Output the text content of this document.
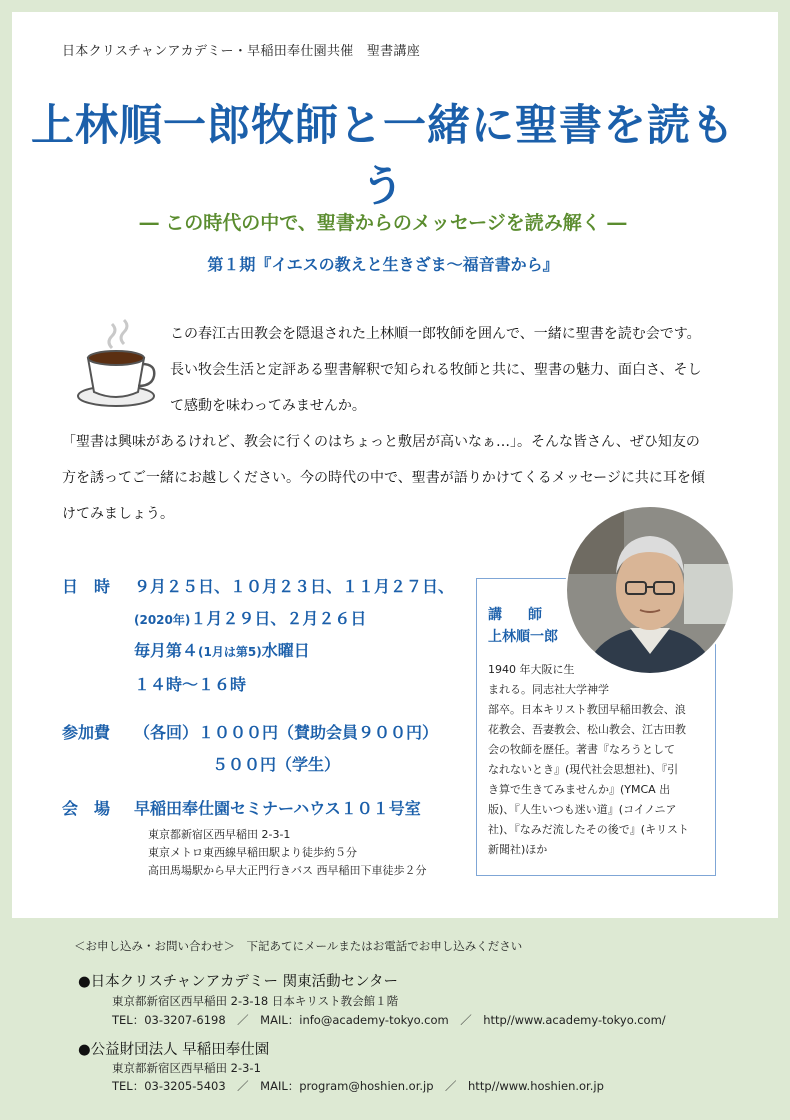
日本クリスチャンアカデミー・早稲田奉仕園共催　聖書講座
上林順一郎牧師と一緒に聖書を読もう
― この時代の中で、聖書からのメッセージを読み解く ―
第１期『イエスの教えと生きざま～福音書から』
この春江古田教会を隠退された上林順一郎牧師を囲んで、一緒に聖書を読む会です。長い牧会生活と定評ある聖書解釈で知られる牧師と共に、聖書の魅力、面白さ、そして感動を味わってみませんか。
「聖書は興味があるけれど、教会に行くのはちょっと敷居が高いなぁ…」。そんな皆さん、ぜひ知友の方を誘ってご一緒にお越しください。今の時代の中で、聖書が語りかけてくるメッセージに共に耳を傾けてみましょう。
日　時 ９月２５日、１０月２３日、１１月２７日、
(2020年)１月２９日、２月２６日
毎月第４(1月は第5)水曜日
１４時～１６時
参加費 （各回）１０００円（賛助会員９００円）
５００円（学生）
会　場 早稲田奉仕園セミナーハウス１０１号室
東京都新宿区西早稲田 2-3-1
東京メトロ東西線早稲田駅より徒歩約５分
高田馬場駅から早大正門行きバス 西早稲田下車徒歩２分
講　師
上林順一郎
1940 年大阪に生
まれる。同志社大学神学
部卒。日本キリスト教団早稲田教会、浪
花教会、吾妻教会、松山教会、江古田教
会の牧師を歴任。著書『なろうとして
なれないとき』(現代社会思想社)、『引
き算で生きてみませんか』(YMCA 出
版)、『人生いつも迷い道』(コイノニア
社)、『なみだ流したその後で』(キリスト
新聞社)ほか
＜お申し込み・お問い合わせ＞　下記あてにメールまたはお電話でお申し込みください
●日本クリスチャンアカデミー 関東活動センター
東京都新宿区西早稲田 2-3-18 日本キリスト教会館１階
TEL：03-3207-6198　／　MAIL：info@academy-tokyo.com　／　http//www.academy-tokyo.com/
●公益財団法人 早稲田奉仕園
東京都新宿区西早稲田 2-3-1
TEL：03-3205-5403　／　MAIL：program@hoshien.or.jp　／　http//www.hoshien.or.jp
